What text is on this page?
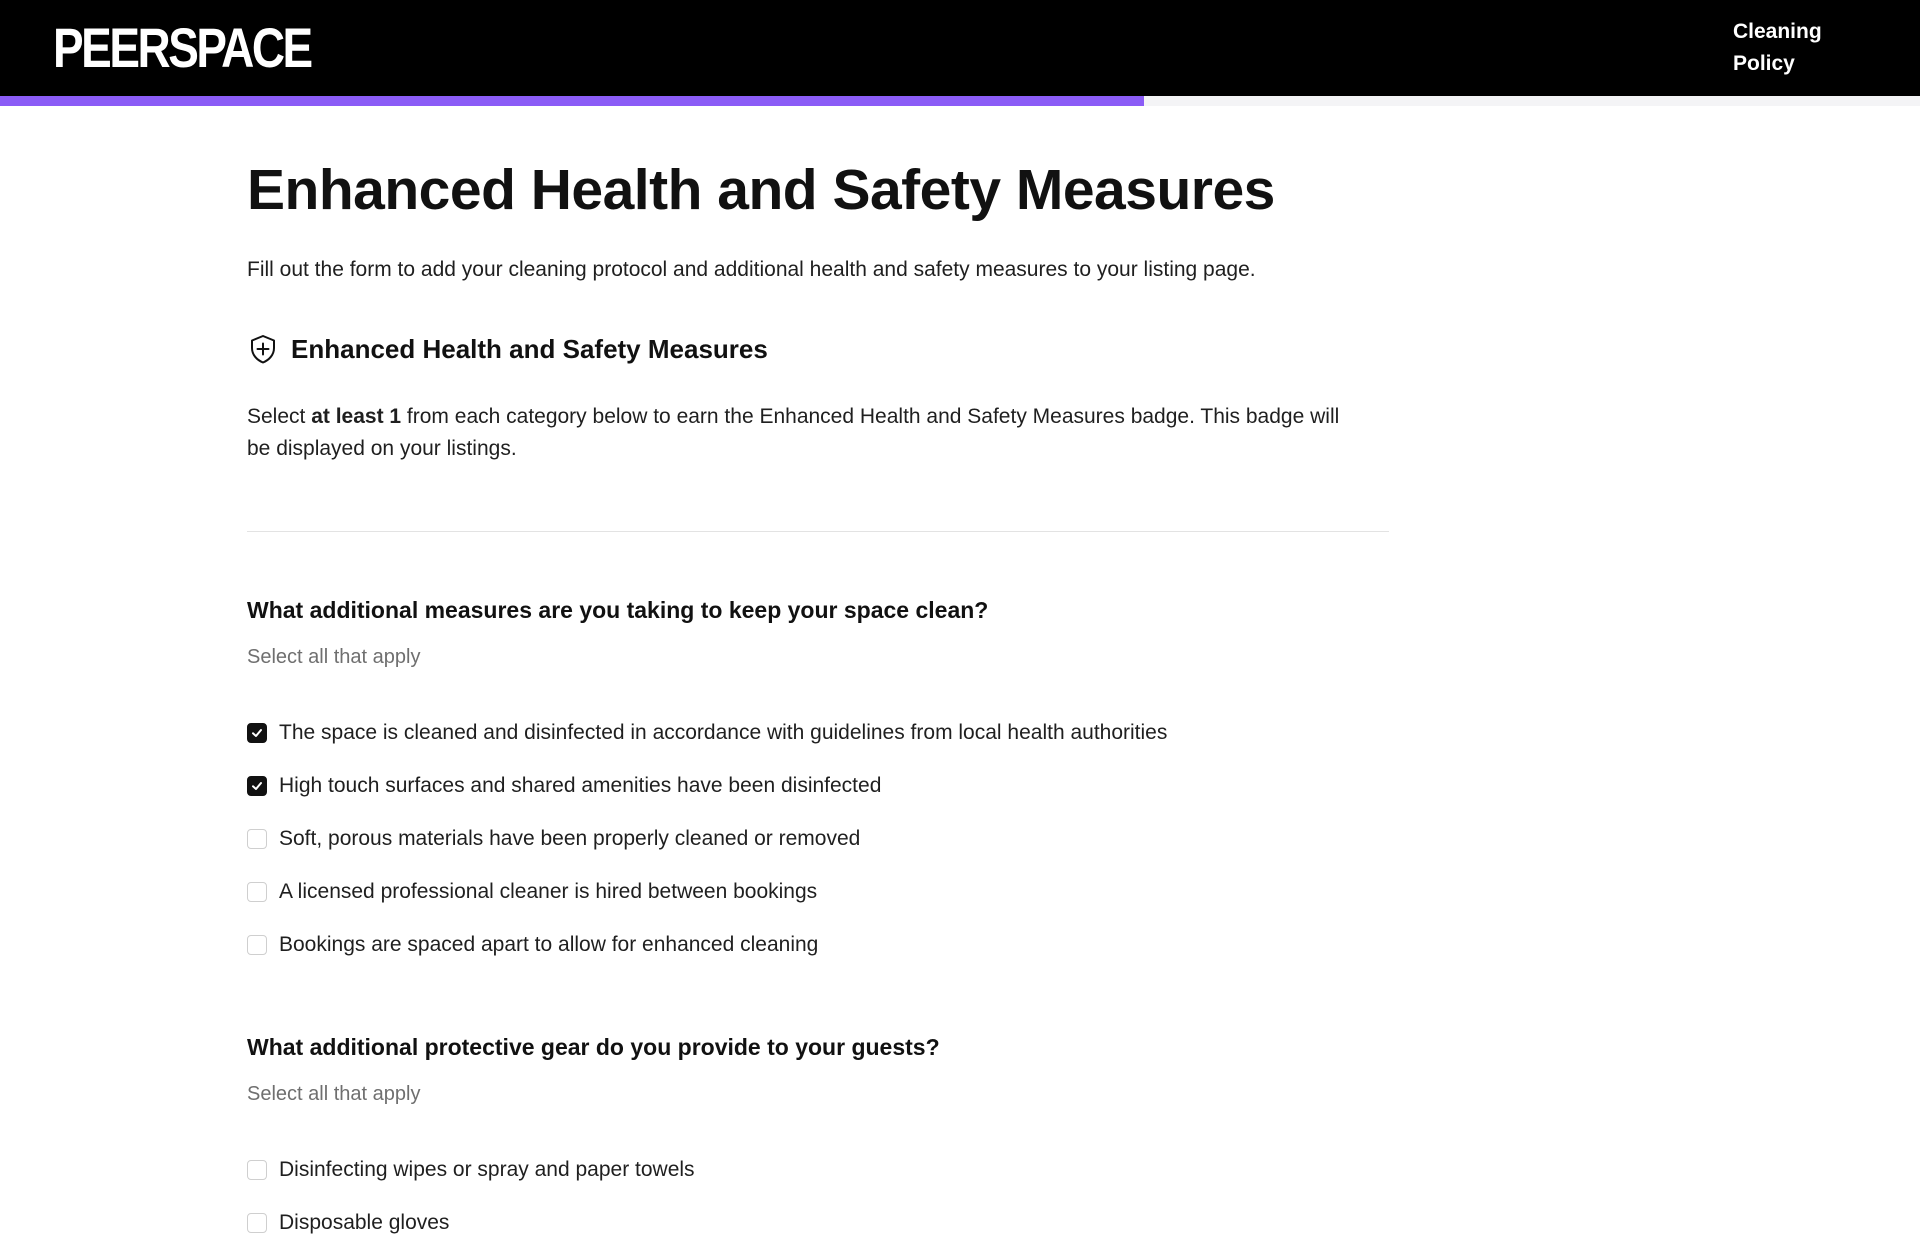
PEERSPACE	Cleaning
Policy
Enhanced Health and Safety Measures

Fill out the form to add your cleaning protocol and additional health and safety measures to your listing page.

Enhanced Health and Safety Measures

Select at least 1 from each category below to earn the Enhanced Health and Safety Measures badge. This badge will be displayed on your listings.

What additional measures are you taking to keep your space clean?
Select all that apply
The space is cleaned and disinfected in accordance with guidelines from local health authorities
High touch surfaces and shared amenities have been disinfected
Soft, porous materials have been properly cleaned or removed
A licensed professional cleaner is hired between bookings
Bookings are spaced apart to allow for enhanced cleaning
What additional protective gear do you provide to your guests?
Select all that apply
Disinfecting wipes or spray and paper towels
Disposable gloves
